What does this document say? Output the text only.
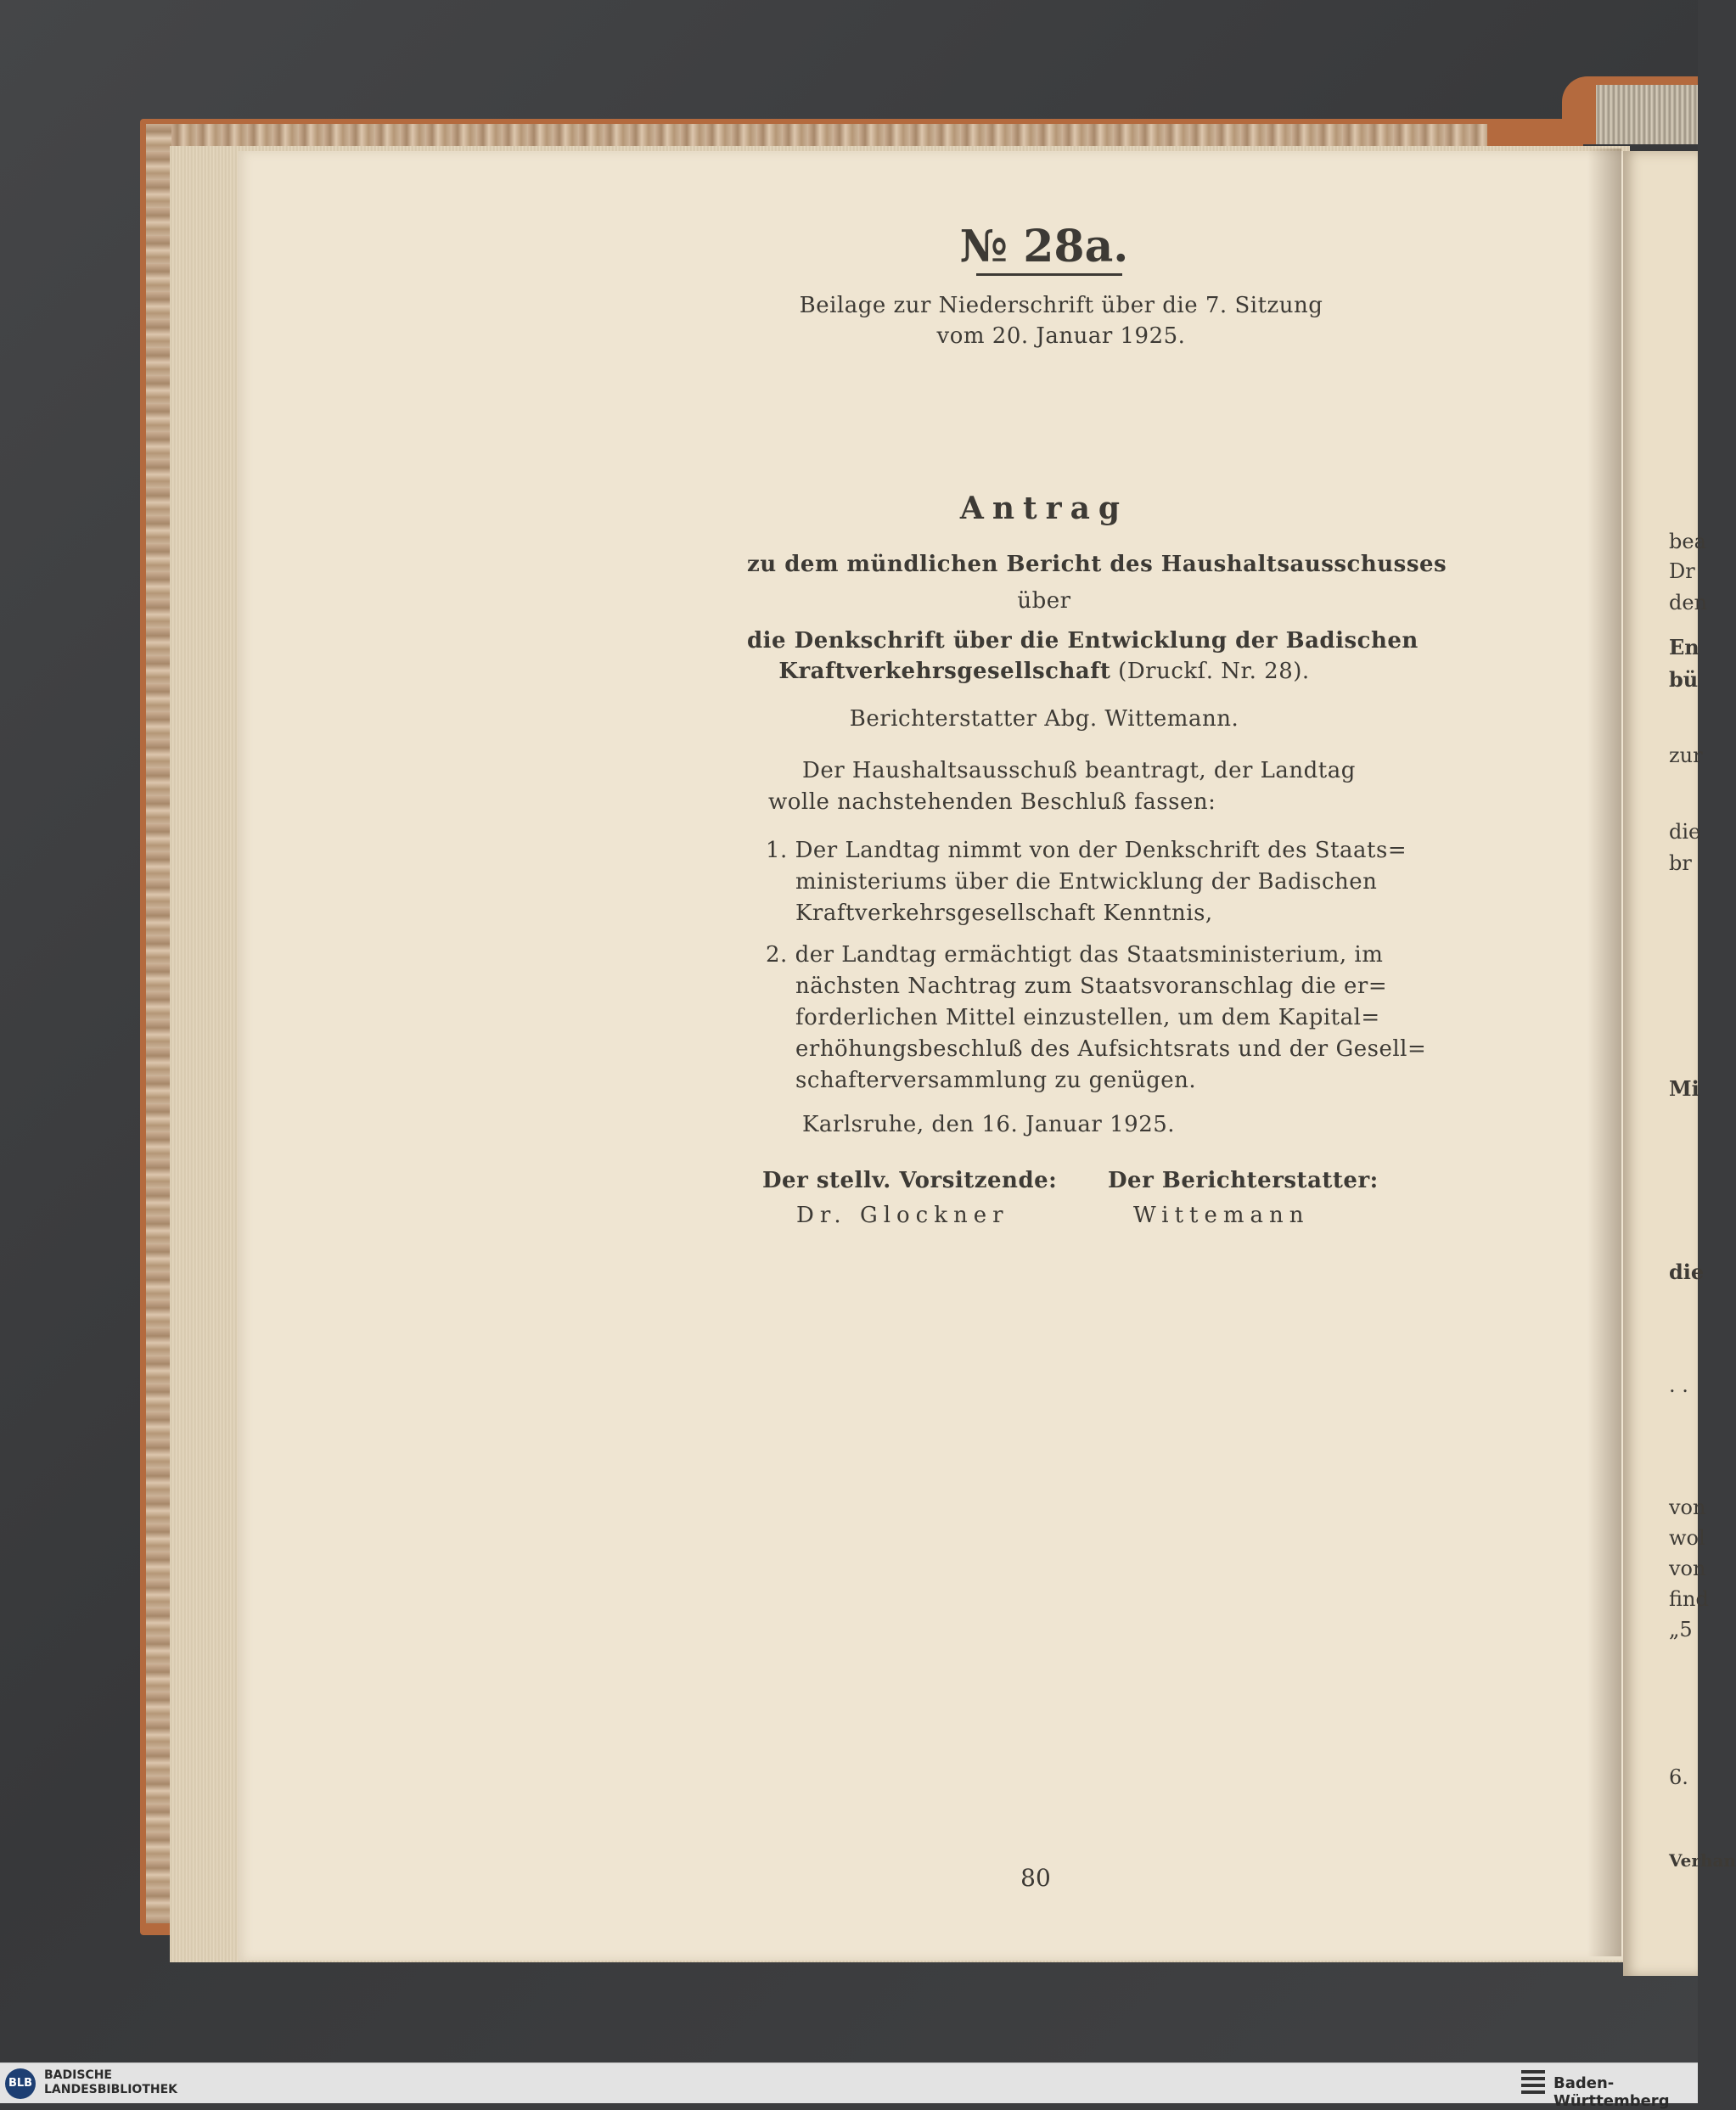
№ 28a.
Beilage zur Niederschrift über die 7. Sitzung
vom 20. Januar 1925.
Antrag
zu dem mündlichen Bericht des Haushaltsausschusses
über
die Denkschrift über die Entwicklung der Badischen
Kraftverkehrsgesellschaft (Druckſ. Nr. 28).
Berichterstatter Abg. Wittemann.
Der Haushaltsausschuß beantragt, der Landtag
wolle nachstehenden Beschluß fassen:
1. Der Landtag nimmt von der Denkschrift des Staats=
ministeriums über die Entwicklung der Badischen
Kraftverkehrsgesellschaft Kenntnis,
2. der Landtag ermächtigt das Staatsministerium, im
nächsten Nachtrag zum Staatsvoranschlag die er=
forderlichen Mittel einzustellen, um dem Kapital=
erhöhungsbeschluß des Aufsichtsrats und der Gesell=
schafterversammlung zu genügen.
Karlsruhe, den 16. Januar 1925.
Der stellv. Vorsitzende:
Dr. Glockner
Der Berichterstatter:
Wittemann
80
bea
Dr
den
En
bü
zur
die
br
Mi
die
. .
von
wol
von
find
„5
6.
Verhan
BLB
BADISCHE
LANDESBIBLIOTHEK	Baden-Württemberg
